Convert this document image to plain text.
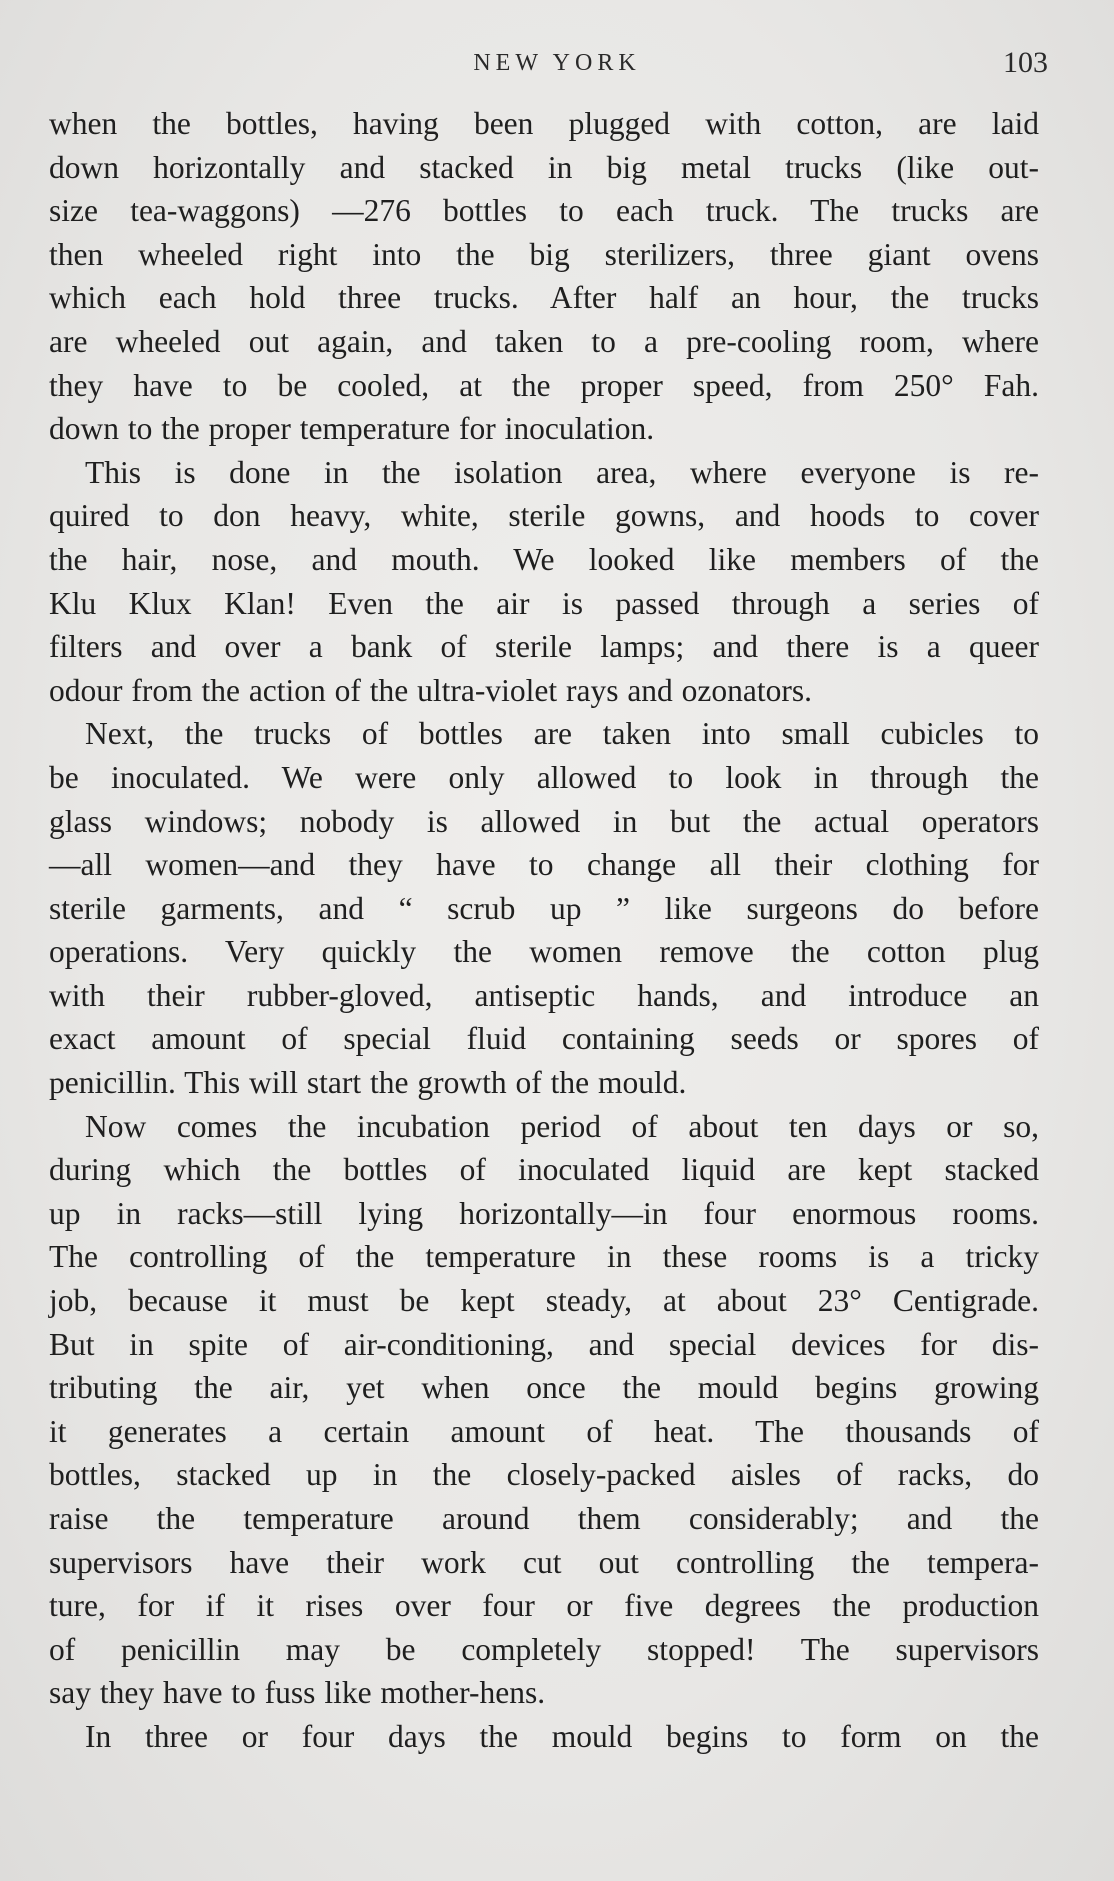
NEW YORK	103
when the bottles, having been plugged with cotton, are laid
down horizontally and stacked in big metal trucks (like out-
size tea-waggons) —276 bottles to each truck. The trucks are
then wheeled right into the big sterilizers, three giant ovens
which each hold three trucks. After half an hour, the trucks
are wheeled out again, and taken to a pre-cooling room, where
they have to be cooled, at the proper speed, from 250° Fah.
down to the proper temperature for inoculation.
This is done in the isolation area, where everyone is re-
quired to don heavy, white, sterile gowns, and hoods to cover
the hair, nose, and mouth. We looked like members of the
Klu Klux Klan! Even the air is passed through a series of
filters and over a bank of sterile lamps; and there is a queer
odour from the action of the ultra-violet rays and ozonators.
Next, the trucks of bottles are taken into small cubicles to
be inoculated. We were only allowed to look in through the
glass windows; nobody is allowed in but the actual operators
—all women—and they have to change all their clothing for
sterile garments, and “ scrub up ” like surgeons do before
operations. Very quickly the women remove the cotton plug
with their rubber-gloved, antiseptic hands, and introduce an
exact amount of special fluid containing seeds or spores of
penicillin. This will start the growth of the mould.
Now comes the incubation period of about ten days or so,
during which the bottles of inoculated liquid are kept stacked
up in racks—still lying horizontally—in four enormous rooms.
The controlling of the temperature in these rooms is a tricky
job, because it must be kept steady, at about 23° Centigrade.
But in spite of air-conditioning, and special devices for dis-
tributing the air, yet when once the mould begins growing
it generates a certain amount of heat. The thousands of
bottles, stacked up in the closely-packed aisles of racks, do
raise the temperature around them considerably; and the
supervisors have their work cut out controlling the tempera-
ture, for if it rises over four or five degrees the production
of penicillin may be completely stopped! The supervisors
say they have to fuss like mother-hens.
In three or four days the mould begins to form on the
